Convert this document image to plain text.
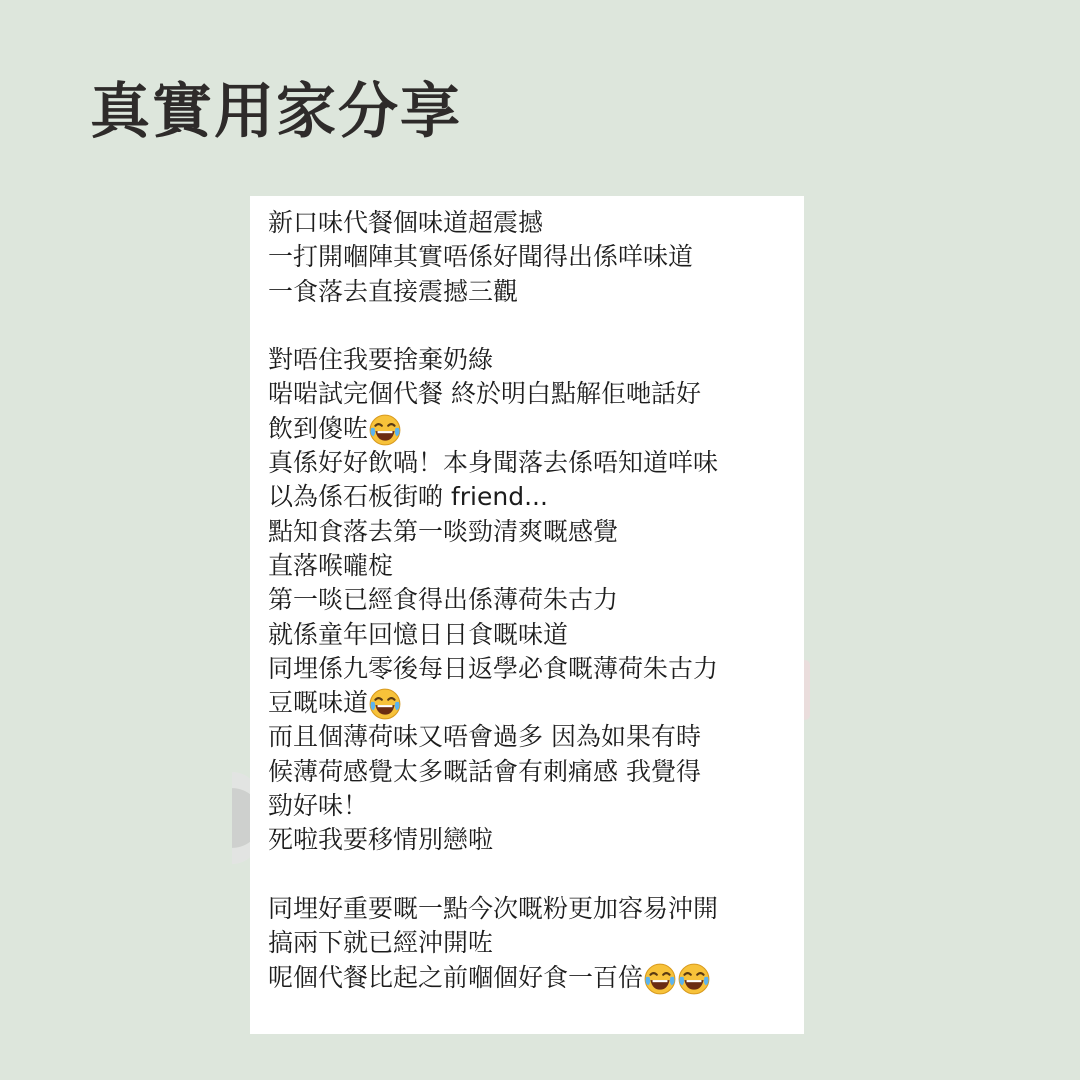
真實用家分享
新口味代餐個味道超震撼
一打開嗰陣其實唔係好聞得出係咩味道
一食落去直接震撼三觀
對唔住我要捨棄奶綠
啱啱試完個代餐 終於明白點解佢哋話好
飲到傻咗
真係好好飲喎！本身聞落去係唔知道咩味
以為係石板街啲 friend...
點知食落去第一啖勁清爽嘅感覺
直落喉嚨椗
第一啖已經食得出係薄荷朱古力
就係童年回憶日日食嘅味道
同埋係九零後每日返學必食嘅薄荷朱古力
豆嘅味道
而且個薄荷味又唔會過多 因為如果有時
候薄荷感覺太多嘅話會有刺痛感 我覺得
勁好味！
死啦我要移情別戀啦
同埋好重要嘅一點今次嘅粉更加容易沖開
搞兩下就已經沖開咗
呢個代餐比起之前嗰個好食一百倍
